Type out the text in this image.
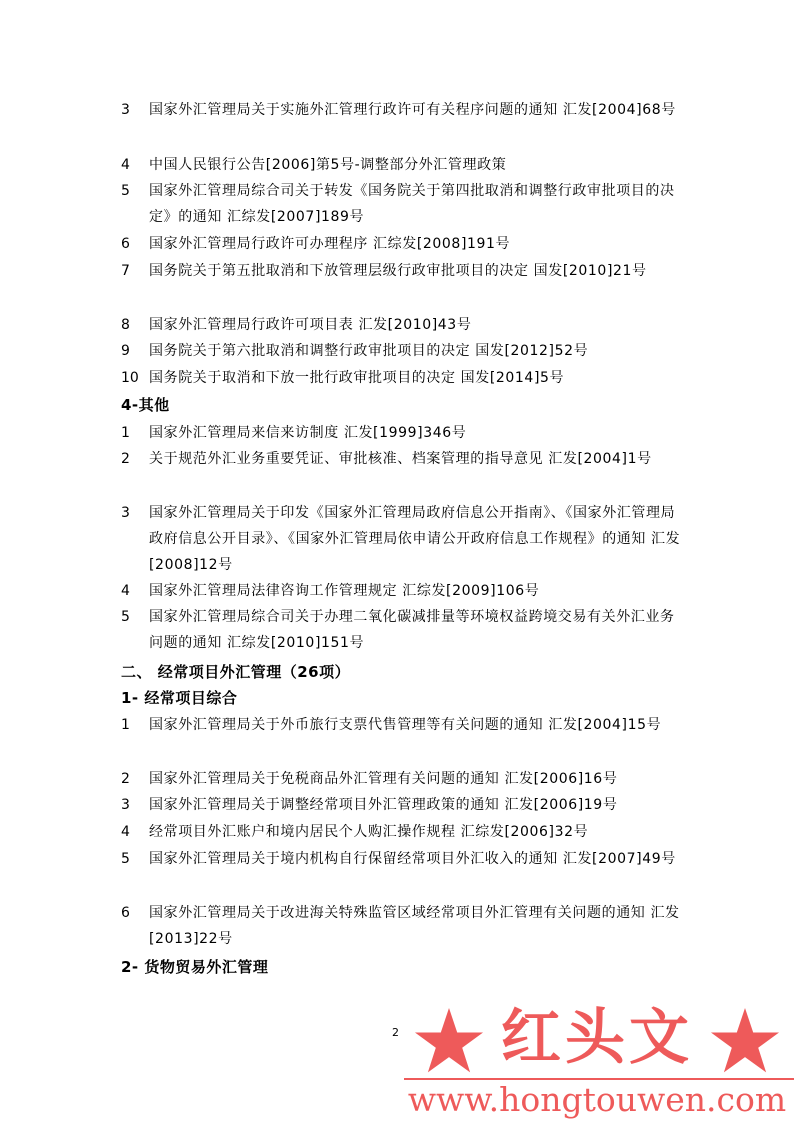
3	国家外汇管理局关于实施外汇管理行政许可有关程序问题的通知 汇发[2004]68号
4	中国人民银行公告[2006]第5号-调整部分外汇管理政策
5	国家外汇管理局综合司关于转发《国务院关于第四批取消和调整行政审批项目的决定》的通知 汇综发[2007]189号
6	国家外汇管理局行政许可办理程序 汇综发[2008]191号
7	国务院关于第五批取消和下放管理层级行政审批项目的决定 国发[2010]21号
8	国家外汇管理局行政许可项目表 汇发[2010]43号
9	国务院关于第六批取消和调整行政审批项目的决定 国发[2012]52号
10 国务院关于取消和下放一批行政审批项目的决定 国发[2014]5号
4-其他
1	国家外汇管理局来信来访制度 汇发[1999]346号
2	关于规范外汇业务重要凭证、审批核准、档案管理的指导意见 汇发[2004]1号
3	国家外汇管理局关于印发《国家外汇管理局政府信息公开指南》、《国家外汇管理局政府信息公开目录》、《国家外汇管理局依申请公开政府信息工作规程》的通知 汇发[2008]12号
4	国家外汇管理局法律咨询工作管理规定 汇综发[2009]106号
5	国家外汇管理局综合司关于办理二氧化碳减排量等环境权益跨境交易有关外汇业务问题的通知 汇综发[2010]151号
二、 经常项目外汇管理（26项）
1- 经常项目综合
1	国家外汇管理局关于外币旅行支票代售管理等有关问题的通知 汇发[2004]15号
2	国家外汇管理局关于免税商品外汇管理有关问题的通知 汇发[2006]16号
3	国家外汇管理局关于调整经常项目外汇管理政策的通知 汇发[2006]19号
4	经常项目外汇账户和境内居民个人购汇操作规程 汇综发[2006]32号
5	国家外汇管理局关于境内机构自行保留经常项目外汇收入的通知 汇发[2007]49号
6	国家外汇管理局关于改进海关特殊监管区域经常项目外汇管理有关问题的通知 汇发[2013]22号
2- 货物贸易外汇管理
2	红头文
www.hongtouwen.com
